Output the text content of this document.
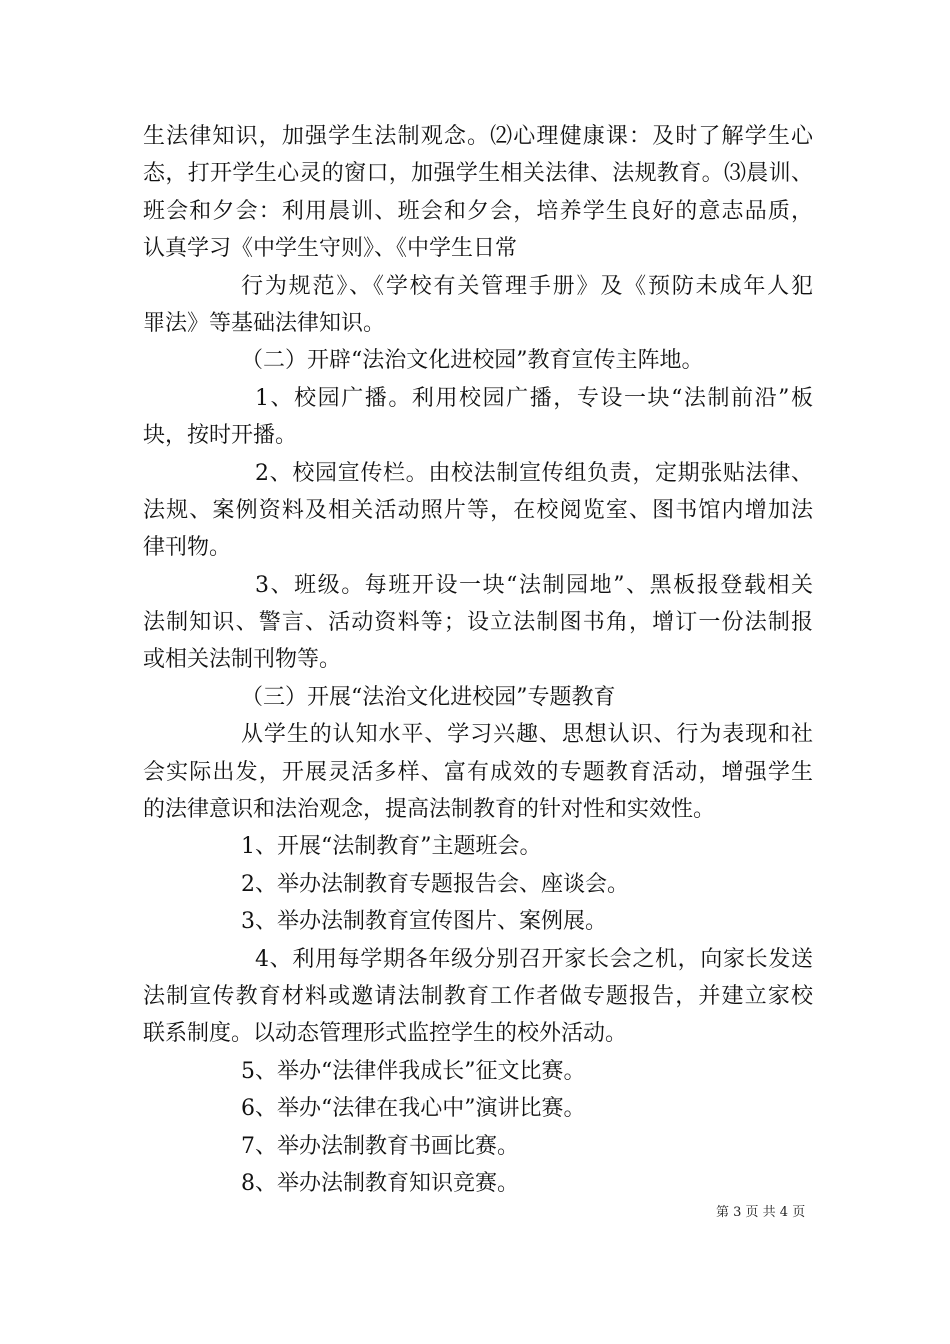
生法律知识，加强学生法制观念。⑵心理健康课：及时了解学生心
态，打开学生心灵的窗口，加强学生相关法律、法规教育。⑶晨训、
班会和夕会：利用晨训、班会和夕会，培养学生良好的意志品质，
认真学习《中学生守则》、《中学生日常
行为规范》、《学校有关管理手册》及《预防未成年人犯
罪法》等基础法律知识。
（二）开辟“法治文化进校园”教育宣传主阵地。
1、校园广播。利用校园广播，专设一块“法制前沿”板
块，按时开播。
2、校园宣传栏。由校法制宣传组负责，定期张贴法律、
法规、案例资料及相关活动照片等，在校阅览室、图书馆内增加法
律刊物。
3、班级。每班开设一块“法制园地”、黑板报登载相关
法制知识、警言、活动资料等；设立法制图书角，增订一份法制报
或相关法制刊物等。
（三）开展“法治文化进校园”专题教育
从学生的认知水平、学习兴趣、思想认识、行为表现和社
会实际出发，开展灵活多样、富有成效的专题教育活动，增强学生
的法律意识和法治观念，提高法制教育的针对性和实效性。
1、开展“法制教育”主题班会。
2、举办法制教育专题报告会、座谈会。
3、举办法制教育宣传图片、案例展。
4、利用每学期各年级分别召开家长会之机，向家长发送
法制宣传教育材料或邀请法制教育工作者做专题报告，并建立家校
联系制度。以动态管理形式监控学生的校外活动。
5、举办“法律伴我成长”征文比赛。
6、举办“法律在我心中”演讲比赛。
7、举办法制教育书画比赛。
8、举办法制教育知识竞赛。
第 3 页 共 4 页
